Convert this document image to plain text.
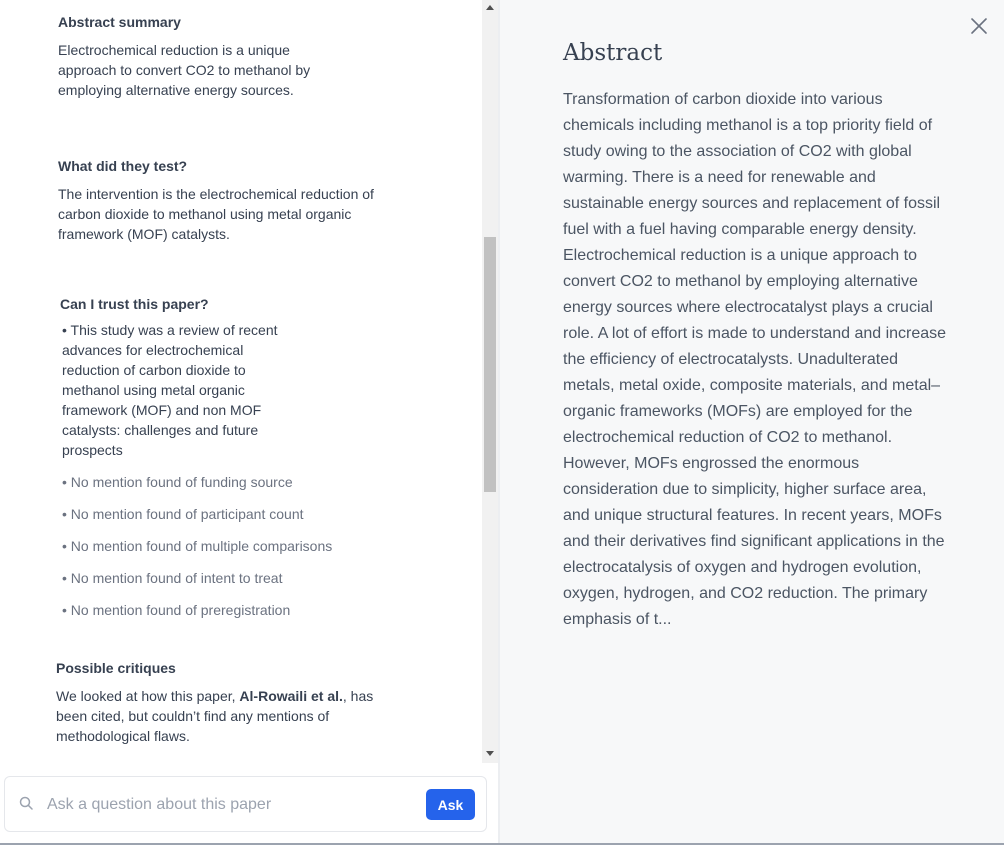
Abstract summary
Electrochemical reduction is a unique approach to convert CO2 to methanol by employing alternative energy sources.
What did they test?
The intervention is the electrochemical reduction of carbon dioxide to methanol using metal organic framework (MOF) catalysts.
Can I trust this paper?
• This study was a review of recent advances for electrochemical reduction of carbon dioxide to methanol using metal organic framework (MOF) and non MOF catalysts: challenges and future prospects
• No mention found of funding source
• No mention found of participant count
• No mention found of multiple comparisons
• No mention found of intent to treat
• No mention found of preregistration
Possible critiques
We looked at how this paper, Al-Rowaili et al., has been cited, but couldn’t find any mentions of methodological flaws.
Ask a question about this paper
Ask
Abstract
Transformation of carbon dioxide into various chemicals including methanol is a top priority field of study owing to the association of CO2 with global warming. There is a need for renewable and sustainable energy sources and replacement of fossil fuel with a fuel having comparable energy density. Electrochemical reduction is a unique approach to convert CO2 to methanol by employing alternative energy sources where electrocatalyst plays a crucial role. A lot of effort is made to understand and increase the efficiency of electrocatalysts. Unadulterated metals, metal oxide, composite materials, and metal–organic frameworks (MOFs) are employed for the electrochemical reduction of CO2 to methanol. However, MOFs engrossed the enormous consideration due to simplicity, higher surface area, and unique structural features. In recent years, MOFs and their derivatives find significant applications in the electrocatalysis of oxygen and hydrogen evolution, oxygen, hydrogen, and CO2 reduction. The primary emphasis of t...
